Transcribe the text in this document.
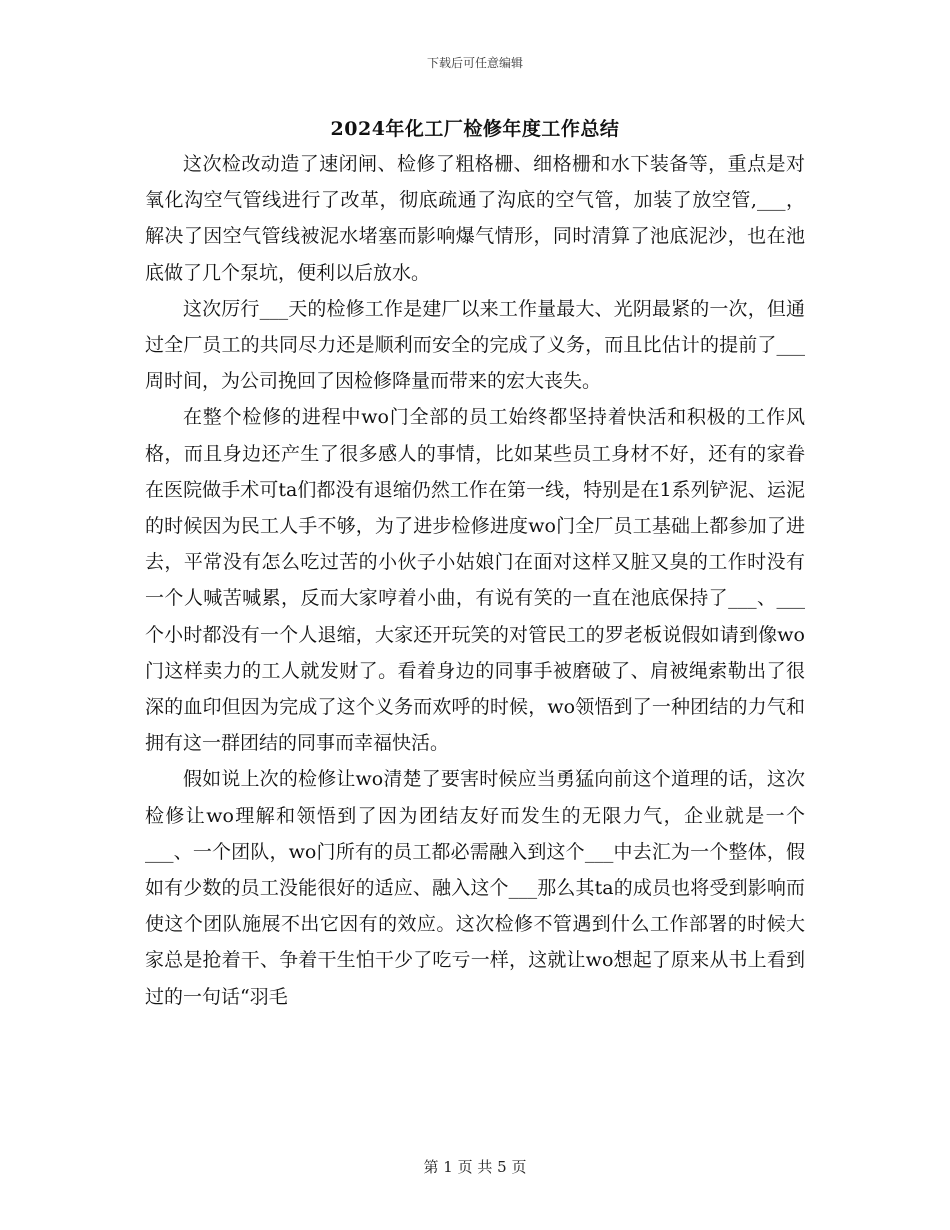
下载后可任意编辑
2024年化工厂检修年度工作总结

这次检改动造了速闭闸、检修了粗格栅、细格栅和水下装备等，重点是对氧化沟空气管线进行了改革，彻底疏通了沟底的空气管，加装了放空管,___，解决了因空气管线被泥水堵塞而影响爆气情形，同时清算了池底泥沙，也在池底做了几个泵坑，便利以后放水。

这次厉行___天的检修工作是建厂以来工作量最大、光阴最紧的一次，但通过全厂员工的共同尽力还是顺利而安全的完成了义务，而且比估计的提前了___周时间，为公司挽回了因检修降量而带来的宏大丧失。

在整个检修的进程中wo门全部的员工始终都坚持着快活和积极的工作风格，而且身边还产生了很多感人的事情，比如某些员工身材不好，还有的家眷在医院做手术可ta们都没有退缩仍然工作在第一线，特别是在1系列铲泥、运泥的时候因为民工人手不够，为了进步检修进度wo门全厂员工基础上都参加了进去，平常没有怎么吃过苦的小伙子小姑娘门在面对这样又脏又臭的工作时没有一个人喊苦喊累，反而大家哼着小曲，有说有笑的一直在池底保持了___、___个小时都没有一个人退缩，大家还开玩笑的对管民工的罗老板说假如请到像wo门这样卖力的工人就发财了。看着身边的同事手被磨破了、肩被绳索勒出了很深的血印但因为完成了这个义务而欢呼的时候，wo领悟到了一种团结的力气和拥有这一群团结的同事而幸福快活。

假如说上次的检修让wo清楚了要害时候应当勇猛向前这个道理的话，这次检修让wo理解和领悟到了因为团结友好而发生的无限力气，企业就是一个___、一个团队，wo门所有的员工都必需融入到这个___中去汇为一个整体，假如有少数的员工没能很好的适应、融入这个___那么其ta的成员也将受到影响而使这个团队施展不出它因有的效应。这次检修不管遇到什么工作部署的时候大家总是抢着干、争着干生怕干少了吃亏一样，这就让wo想起了原来从书上看到过的一句话“羽毛

第 1 页 共 5 页
